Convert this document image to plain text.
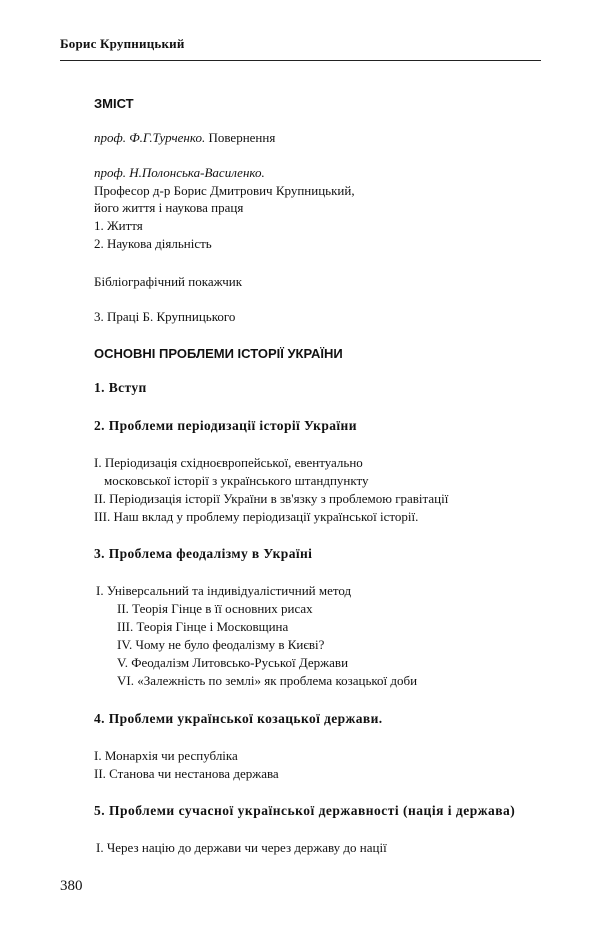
Борис Крупницький
ЗМІСТ
проф. Ф.Г.Турченко. Повернення
проф. Н.Полонська-Василенко.
Професор д-р Борис Дмитрович Крупницький,
його життя і наукова праця
1. Життя
2. Наукова діяльність
Бібліографічний покажчик
3. Праці Б. Крупницького
ОСНОВНІ ПРОБЛЕМИ ІСТОРІЇ УКРАЇНИ
1. Вступ
2. Проблеми періодизації історії України
І. Періодизація східноєвропейської, евентуально
московської історії з українського штандпункту
ІІ. Періодизація історії України в зв'язку з проблемою гравітації
ІІІ. Наш вклад у проблему періодизації української історії.
3. Проблема феодалізму в Україні
І. Універсальний та індивідуалістичний метод
ІІ. Теорія Гінце в її основних рисах
ІІІ. Теорія Гінце і Московщина
IV. Чому не було феодалізму в Києві?
V. Феодалізм Литовсько-Руської Держави
VI. «Залежність по землі» як проблема козацької доби
4. Проблеми української козацької держави.
І. Монархія чи республіка
ІІ. Станова чи нестанова держава
5. Проблеми сучасної української державності (нація і держава)
І. Через націю до держави чи через державу до нації
380
